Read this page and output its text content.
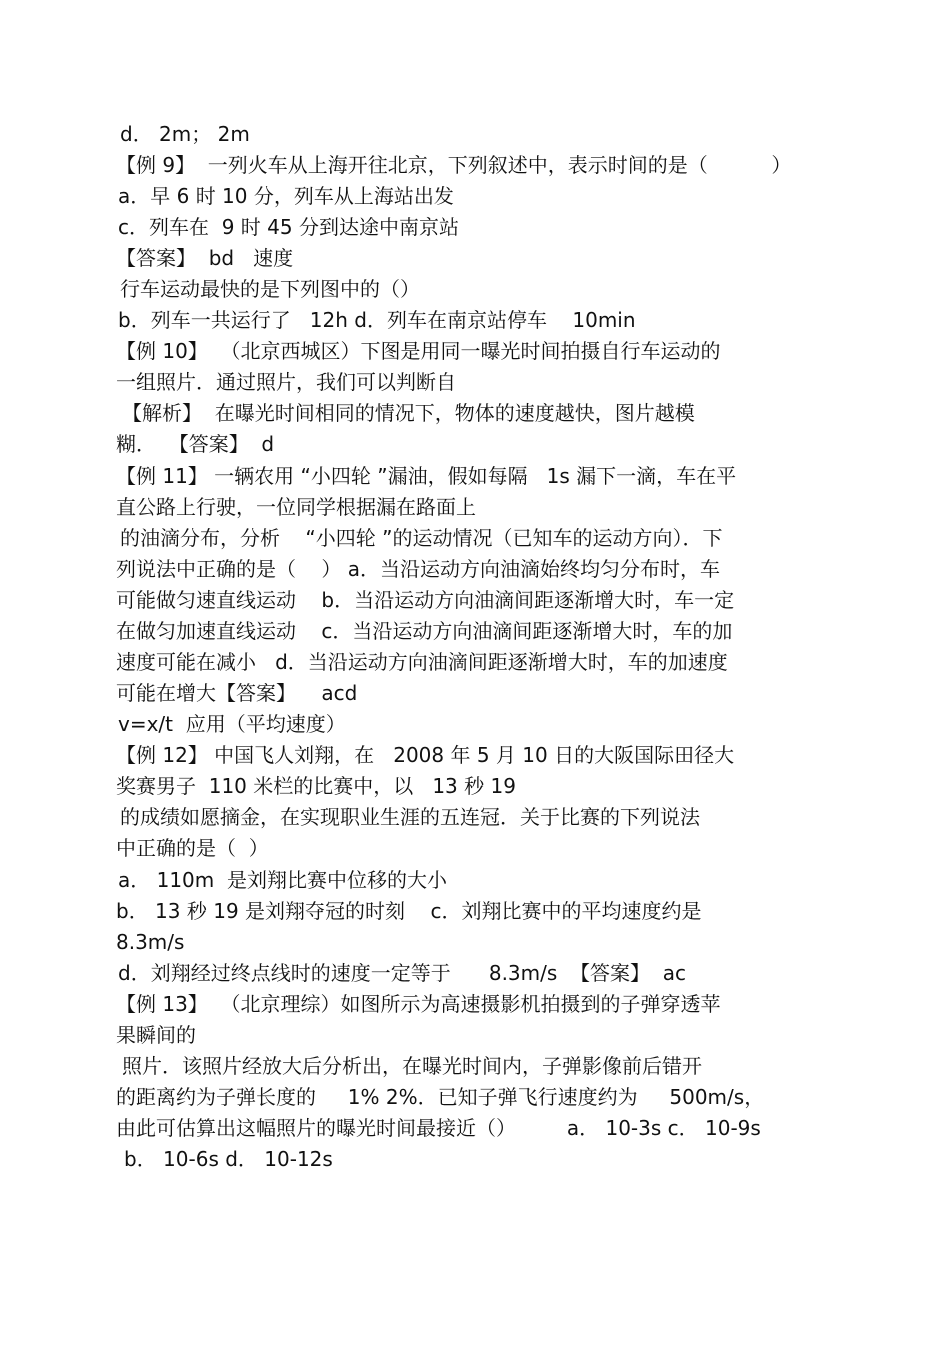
d． 2m； 2m
【例 9】  一列火车从上海开往北京，下列叙述中，表示时间的是（          ）
a．早 6 时 10 分，列车从上海站出发
c．列车在  9 时 45 分到达途中南京站
【答案】  bd   速度
行车运动最快的是下列图中的（）
b．列车一共运行了   12h d．列车在南京站停车    10min
【例 10】  （北京西城区）下图是用同一曝光时间拍摄自行车运动的
一组照片．通过照片，我们可以判断自
【解析】  在曝光时间相同的情况下，物体的速度越快，图片越模
糊．  【答案】  d
【例 11】 一辆农用 “小四轮 ”漏油，假如每隔   1s 漏下一滴，车在平
直公路上行驶，一位同学根据漏在路面上
的油滴分布，分析    “小四轮 ”的运动情况（已知车的运动方向）．下
列说法中正确的是（    ） a．当沿运动方向油滴始终均匀分布时，车
可能做匀速直线运动    b．当沿运动方向油滴间距逐渐增大时，车一定
在做匀加速直线运动    c．当沿运动方向油滴间距逐渐增大时，车的加
速度可能在减小   d．当沿运动方向油滴间距逐渐增大时，车的加速度
可能在增大【答案】    acd
v=x/t  应用（平均速度）
【例 12】 中国飞人刘翔，在   2008 年 5 月 10 日的大阪国际田径大
奖赛男子  110 米栏的比赛中，以   13 秒 19
的成绩如愿摘金，在实现职业生涯的五连冠．关于比赛的下列说法
中正确的是（  ）
a． 110m  是刘翔比赛中位移的大小
b． 13 秒 19 是刘翔夺冠的时刻    c．刘翔比赛中的平均速度约是
8.3m/s
d．刘翔经过终点线时的速度一定等于      8.3m/s  【答案】  ac
【例 13】  （北京理综）如图所示为高速摄影机拍摄到的子弹穿透苹
果瞬间的
照片．该照片经放大后分析出，在曝光时间内，子弹影像前后错开
的距离约为子弹长度的     1% 2%．已知子弹飞行速度约为     500m/s，
由此可估算出这幅照片的曝光时间最接近（）        a． 10-3s c． 10-9s
b． 10-6s d． 10-12s
